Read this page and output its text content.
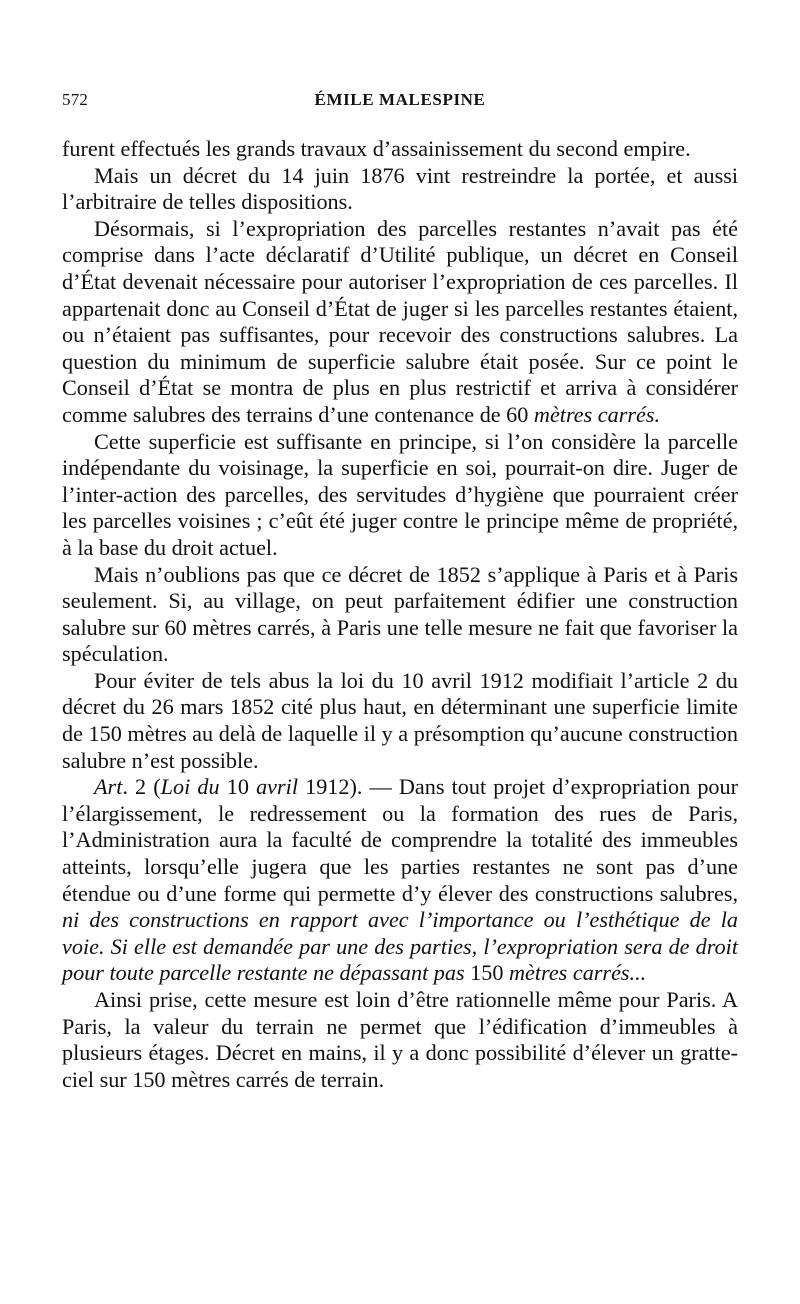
572	ÉMILE MALESPINE

furent effectués les grands travaux d’assainissement du second empire.

Mais un décret du 14 juin 1876 vint restreindre la portée, et aussi l’arbitraire de telles dispositions.

Désormais, si l’expropriation des parcelles restantes n’avait pas été comprise dans l’acte déclaratif d’Utilité publique, un décret en Conseil d’État devenait nécessaire pour autoriser l’expropriation de ces parcelles. Il appartenait donc au Conseil d’État de juger si les parcelles restantes étaient, ou n’étaient pas suffisantes, pour recevoir des constructions salubres. La question du minimum de superficie salubre était posée. Sur ce point le Conseil d’État se montra de plus en plus restrictif et arriva à considérer comme salubres des terrains d’une contenance de 60 mètres carrés.

Cette superficie est suffisante en principe, si l’on considère la parcelle indépendante du voisinage, la superficie en soi, pourrait-on dire. Juger de l’inter-action des parcelles, des servitudes d’hygiène que pourraient créer les parcelles voisines ; c’eût été juger contre le principe même de propriété, à la base du droit actuel.

Mais n’oublions pas que ce décret de 1852 s’applique à Paris et à Paris seulement. Si, au village, on peut parfaitement édifier une construction salubre sur 60 mètres carrés, à Paris une telle mesure ne fait que favoriser la spéculation.

Pour éviter de tels abus la loi du 10 avril 1912 modifiait l’article 2 du décret du 26 mars 1852 cité plus haut, en déterminant une superficie limite de 150 mètres au delà de laquelle il y a présomption qu’aucune construction salubre n’est possible.

Art. 2 (Loi du 10 avril 1912). — Dans tout projet d’expropriation pour l’élargissement, le redressement ou la formation des rues de Paris, l’Administration aura la faculté de comprendre la totalité des immeubles atteints, lorsqu’elle jugera que les parties restantes ne sont pas d’une étendue ou d’une forme qui permette d’y élever des constructions salubres, ni des constructions en rapport avec l’importance ou l’esthétique de la voie. Si elle est demandée par une des parties, l’expropriation sera de droit pour toute parcelle restante ne dépassant pas 150 mètres carrés...

Ainsi prise, cette mesure est loin d’être rationnelle même pour Paris. A Paris, la valeur du terrain ne permet que l’édification d’immeubles à plusieurs étages. Décret en mains, il y a donc possibilité d’élever un gratte-ciel sur 150 mètres carrés de terrain.
